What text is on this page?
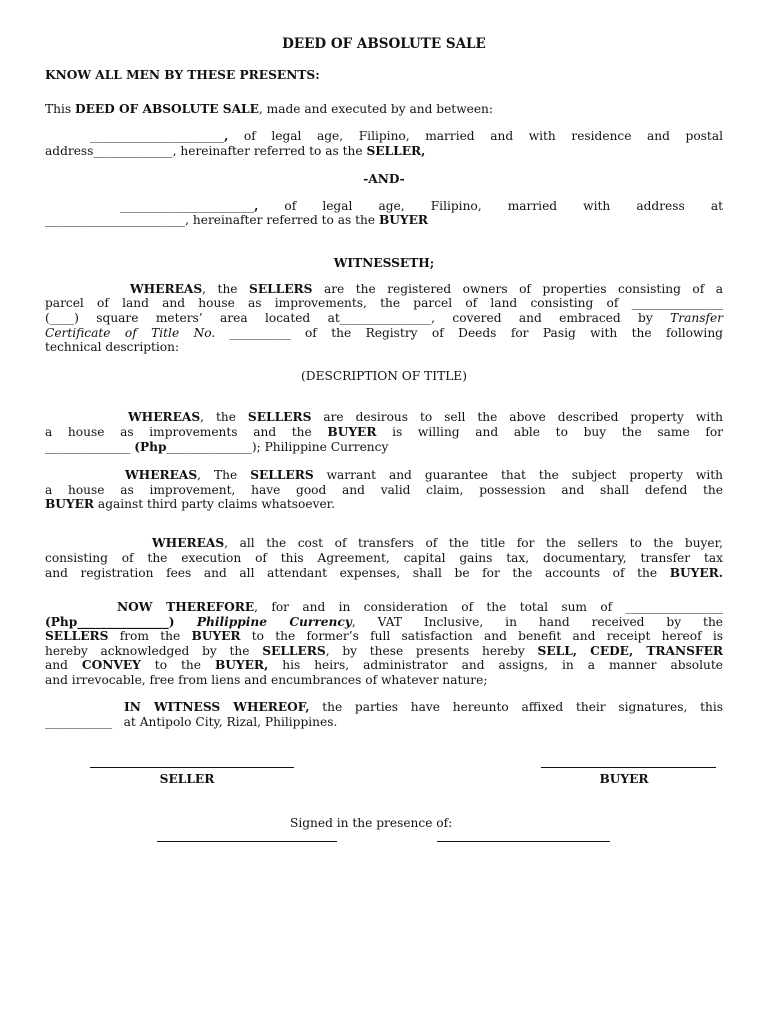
DEED OF ABSOLUTE SALE
KNOW ALL MEN BY THESE PRESENTS:
This DEED OF ABSOLUTE SALE, made and executed by and between:
______________________, of legal age, Filipino, married and with residence and postal
address_____________, hereinafter referred to as the SELLER,
-AND-
______________________, of legal age, Filipino, married with address at
_______________________, hereinafter referred to as the BUYER
WITNESSETH;
WHEREAS, the SELLERS are the registered owners of properties consisting of a
parcel of land and house as improvements, the parcel of land consisting of _______________
(____) square meters’ area located at_______________, covered and embraced by Transfer
Certificate of Title No. __________ of the Registry of Deeds for Pasig with the following
technical description:
(DESCRIPTION OF TITLE)
WHEREAS, the SELLERS are desirous to sell the above described property with
a house as improvements and the BUYER is willing and able to buy the same for
______________ (Php______________); Philippine Currency
WHEREAS, The SELLERS warrant and guarantee that the subject property with
a house as improvement, have good and valid claim, possession and shall defend the
BUYER against third party claims whatsoever.
WHEREAS, all the cost of transfers of the title for the sellers to the buyer,
consisting of the execution of this Agreement, capital gains tax, documentary, transfer tax
and registration fees and all attendant expenses, shall be for the accounts of the BUYER.
NOW THEREFORE, for and in consideration of the total sum of ________________
(Php_______________) Philippine Currency, VAT Inclusive, in hand received by the
SELLERS from the BUYER to the former’s full satisfaction and benefit and receipt hereof is
hereby acknowledged by the SELLERS, by these presents hereby SELL, CEDE, TRANSFER
and CONVEY to the BUYER, his heirs, administrator and assigns, in a manner absolute
and irrevocable, free from liens and encumbrances of whatever nature;
IN WITNESS WHEREOF, the parties have hereunto affixed their signatures, this
___________   at Antipolo City, Rizal, Philippines.
SELLER	BUYER
Signed in the presence of:
